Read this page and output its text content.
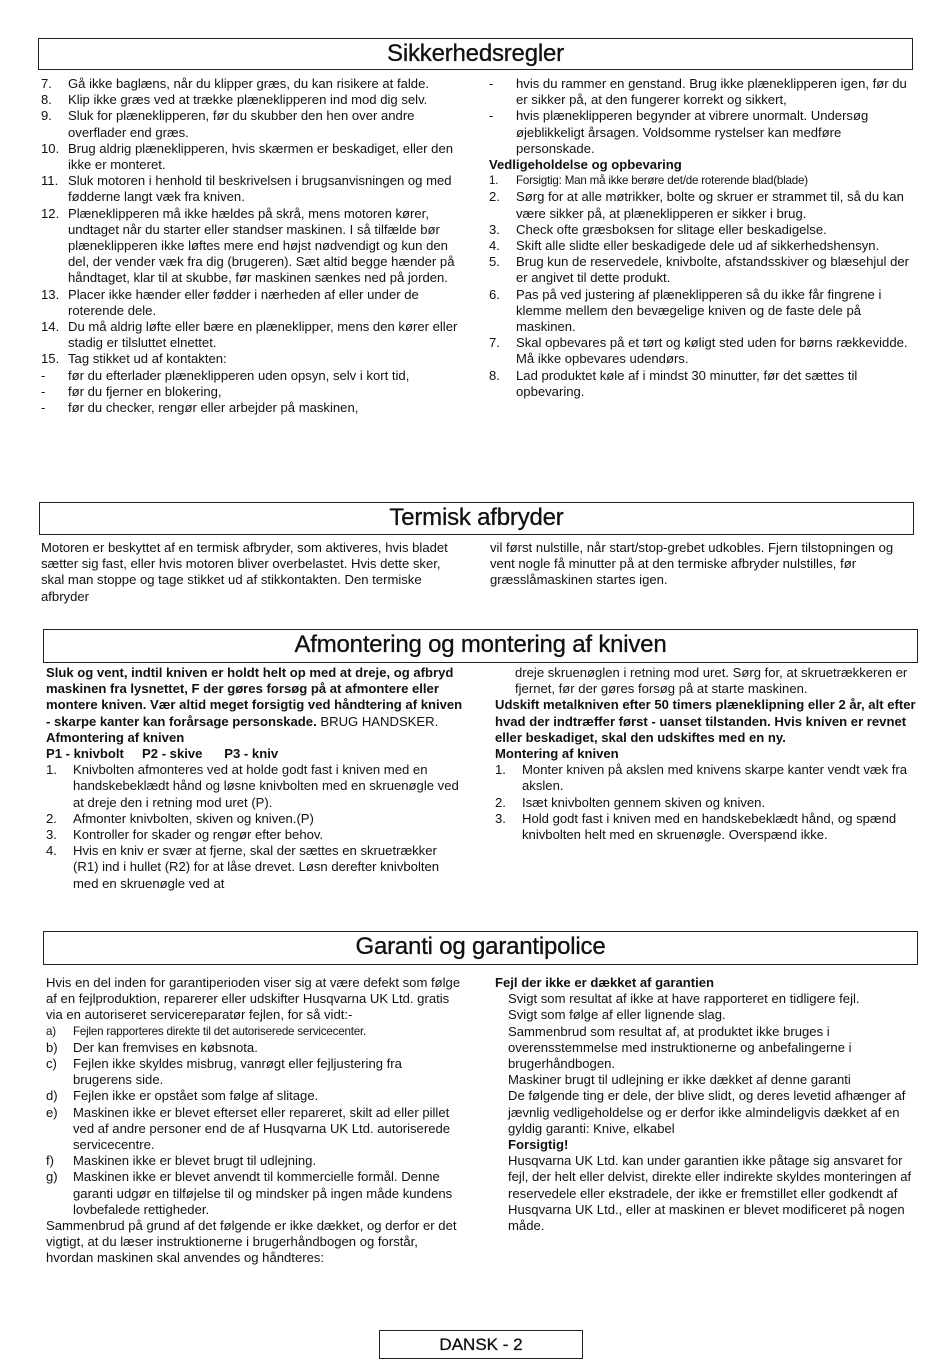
Sikkerhedsregler

7. Gå ikke baglæns, når du klipper græs, du kan risikere at falde.

8. Klip ikke græs ved at trække plæneklipperen ind mod dig selv.

9. Sluk for plæneklipperen, før du skubber den hen over andre overflader end græs.

10. Brug aldrig plæneklipperen, hvis skærmen er beskadiget, eller den ikke er monteret.

11. Sluk motoren i henhold til beskrivelsen i brugsanvisningen og med fødderne langt væk fra kniven.

12. Plæneklipperen må ikke hældes på skrå, mens motoren kører, undtaget når du starter eller standser maskinen. I så tilfælde bør plæneklipperen ikke løftes mere end højst nødvendigt og kun den del, der vender væk fra dig (brugeren). Sæt altid begge hænder på håndtaget, klar til at skubbe, før maskinen sænkes ned på jorden.

13. Placer ikke hænder eller fødder i nærheden af eller under de roterende dele.

14. Du må aldrig løfte eller bære en plæneklipper, mens den kører eller stadig er tilsluttet elnettet.

15. Tag stikket ud af kontakten:

- før du efterlader plæneklipperen uden opsyn, selv i kort tid,

- før du fjerner en blokering,

- før du checker, rengør eller arbejder på maskinen,

- hvis du rammer en genstand. Brug ikke plæneklipperen igen, før du er sikker på, at den fungerer korrekt og sikkert,

- hvis plæneklipperen begynder at vibrere unormalt. Undersøg øjeblikkeligt årsagen. Voldsomme rystelser kan medføre personskade.

Vedligeholdelse og opbevaring

1. Forsigtig: Man må ikke berøre det/de roterende blad(blade)

2. Sørg for at alle møtrikker, bolte og skruer er strammet til, så du kan være sikker på, at plæneklipperen er sikker i brug.

3. Check ofte græsboksen for slitage eller beskadigelse.

4. Skift alle slidte eller beskadigede dele ud af sikkerhedshensyn.

5. Brug kun de reservedele, knivbolte, afstandsskiver og blæsehjul der er angivet til dette produkt.

6. Pas på ved justering af plæneklipperen så du ikke får fingrene i klemme mellem den bevægelige kniven og de faste dele på maskinen.

7. Skal opbevares på et tørt og køligt sted uden for børns rækkevidde. Må ikke opbevares udendørs.

8. Lad produktet køle af i mindst 30 minutter, før det sættes til opbevaring.

Termisk afbryder

Motoren er beskyttet af en termisk afbryder, som aktiveres, hvis bladet sætter sig fast, eller hvis motoren bliver overbelastet. Hvis dette sker, skal man stoppe og tage stikket ud af stikkontakten. Den termiske afbryder

vil først nulstille, når start/stop-grebet udkobles. Fjern tilstopningen og vent nogle få minutter på at den termiske afbryder nulstilles, før græsslåmaskinen startes igen.

Afmontering og montering af kniven

Sluk og vent, indtil kniven er holdt helt op med at dreje, og afbryd maskinen fra lysnettet, F der gøres forsøg på at afmontere eller montere kniven. Vær altid meget forsigtig ved håndtering af kniven - skarpe kanter kan forårsage personskade. BRUG HANDSKER.

Afmontering af kniven

P1 - knivbolt     P2 - skive      P3 - kniv

1. Knivbolten afmonteres ved at holde godt fast i kniven med en handskebeklædt hånd og løsne knivbolten med en skruenøgle ved at dreje den i retning mod uret (P).

2. Afmonter knivbolten, skiven og kniven.(P)

3. Kontroller for skader og rengør efter behov.

4. Hvis en kniv er svær at fjerne, skal der sættes en skruetrækker (R1) ind i hullet (R2) for at låse drevet. Løsn derefter knivbolten med en skruenøgle ved at

dreje skruenøglen i retning mod uret. Sørg for, at skruetrækkeren er fjernet, før der gøres forsøg på at starte maskinen.

Udskift metalkniven efter 50 timers plæneklipning eller 2 år, alt efter hvad der indtræffer først - uanset tilstanden. Hvis kniven er revnet eller beskadiget, skal den udskiftes med en ny.

Montering af kniven

1. Monter kniven på akslen med knivens skarpe kanter vendt væk fra akslen.

2. Isæt knivbolten gennem skiven og kniven.

3. Hold godt fast i kniven med en handskebeklædt hånd, og spænd knivbolten helt med en skruenøgle. Overspænd ikke.

Garanti og garantipolice

Hvis en del inden for garantiperioden viser sig at være defekt som følge af en fejlproduktion, reparerer eller udskifter Husqvarna UK Ltd. gratis via en autoriseret servicereparatør fejlen, for så vidt:-

a) Fejlen rapporteres direkte til det autoriserede servicecenter.

b) Der kan fremvises en købsnota.

c) Fejlen ikke skyldes misbrug, vanrøgt eller fejljustering fra brugerens side.

d) Fejlen ikke er opstået som følge af slitage.

e) Maskinen ikke er blevet efterset eller repareret, skilt ad eller pillet ved af andre personer end de af Husqvarna UK Ltd. autoriserede servicecentre.

f) Maskinen ikke er blevet brugt til udlejning.

g) Maskinen ikke er blevet anvendt til kommercielle formål. Denne garanti udgør en tilføjelse til og mindsker på ingen måde kundens lovbefalede rettigheder.

Sammenbrud på grund af det følgende er ikke dækket, og derfor er det vigtigt, at du læser instruktionerne i brugerhåndbogen og forstår, hvordan maskinen skal anvendes og håndteres:

Fejl der ikke er dækket af garantien

Svigt som resultat af ikke at have rapporteret en tidligere fejl.

Svigt som følge af eller lignende slag.

Sammenbrud som resultat af, at produktet ikke bruges i overensstemmelse med instruktionerne og anbefalingerne i brugerhåndbogen.

Maskiner brugt til udlejning er ikke dækket af denne garanti

De følgende ting er dele, der blive slidt, og deres levetid afhænger af jævnlig vedligeholdelse og er derfor ikke almindeligvis dækket af en gyldig garanti: Knive, elkabel

Forsigtig!

Husqvarna UK Ltd. kan under garantien ikke påtage sig ansvaret for fejl, der helt eller delvist, direkte eller indirekte skyldes monteringen af reservedele eller ekstradele, der ikke er fremstillet eller godkendt af Husqvarna UK Ltd., eller at maskinen er blevet modificeret på nogen måde.

DANSK - 2
